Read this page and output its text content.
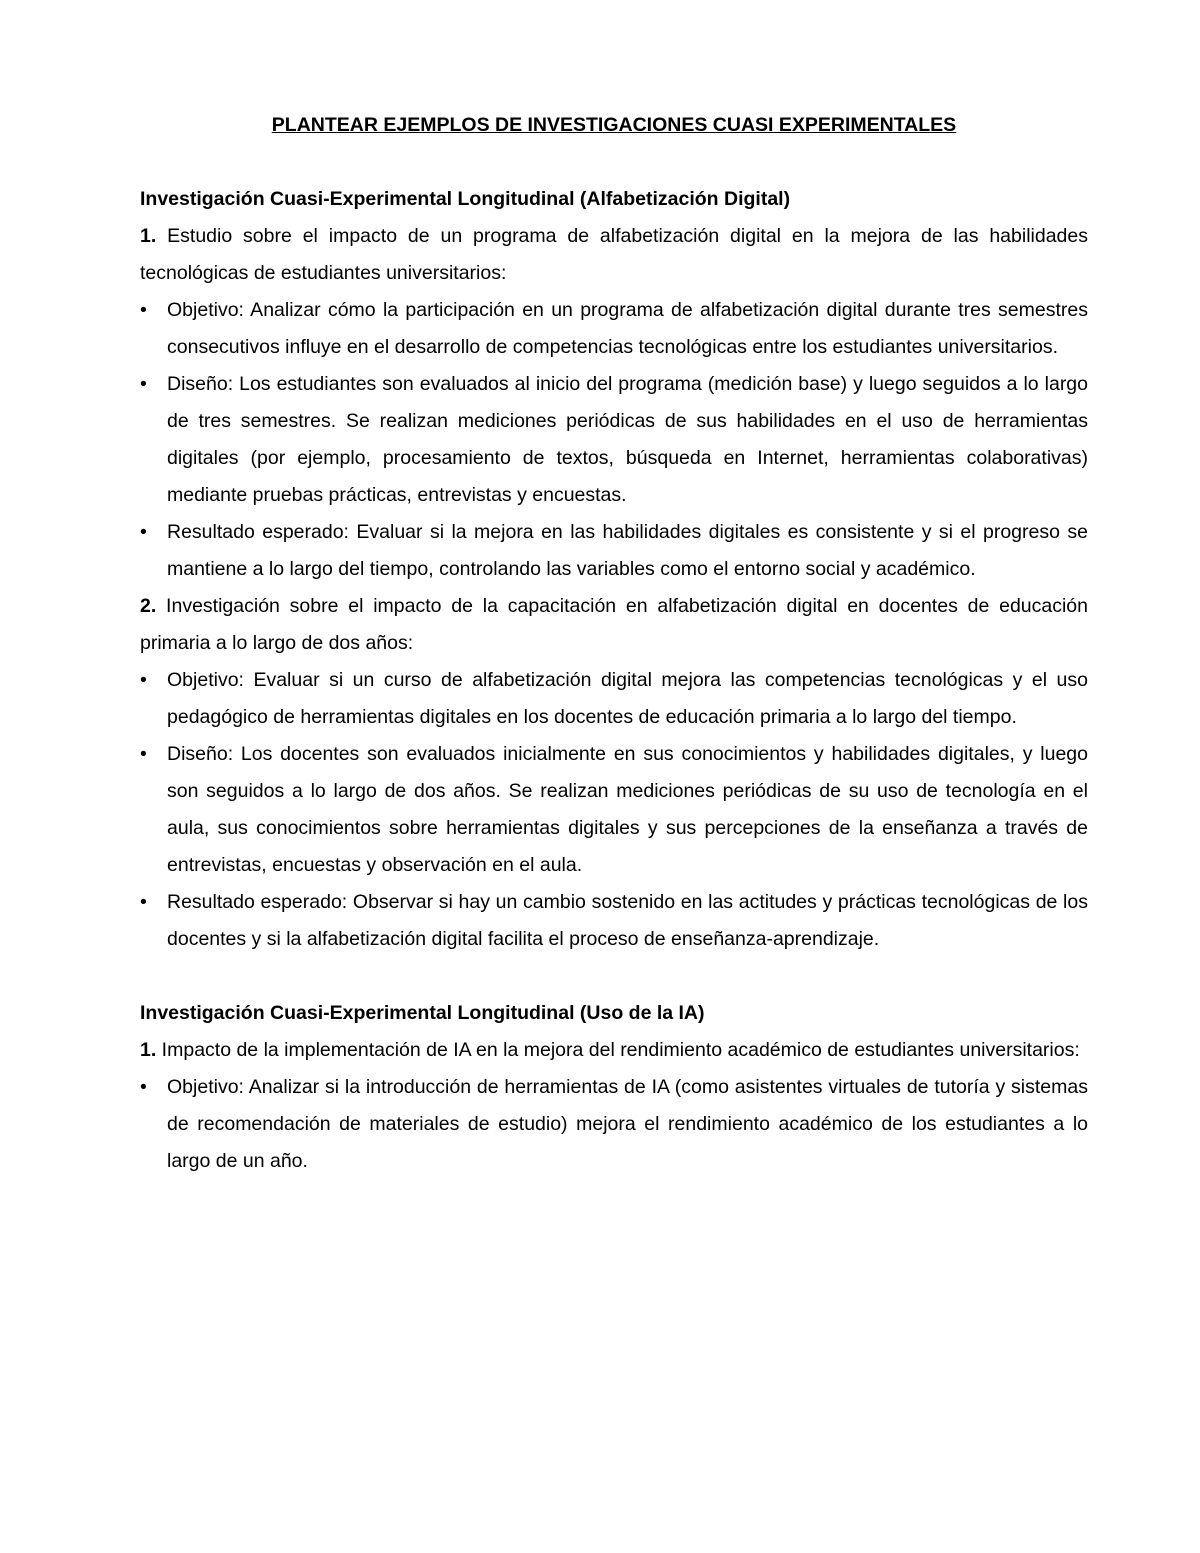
PLANTEAR EJEMPLOS DE INVESTIGACIONES CUASI EXPERIMENTALES

Investigación Cuasi-Experimental Longitudinal (Alfabetización Digital)

1. Estudio sobre el impacto de un programa de alfabetización digital en la mejora de las habilidades tecnológicas de estudiantes universitarios:

•	Objetivo: Analizar cómo la participación en un programa de alfabetización digital durante tres semestres consecutivos influye en el desarrollo de competencias tecnológicas entre los estudiantes universitarios.
•	Diseño: Los estudiantes son evaluados al inicio del programa (medición base) y luego seguidos a lo largo de tres semestres. Se realizan mediciones periódicas de sus habilidades en el uso de herramientas digitales (por ejemplo, procesamiento de textos, búsqueda en Internet, herramientas colaborativas) mediante pruebas prácticas, entrevistas y encuestas.
•	Resultado esperado: Evaluar si la mejora en las habilidades digitales es consistente y si el progreso se mantiene a lo largo del tiempo, controlando las variables como el entorno social y académico.

2. Investigación sobre el impacto de la capacitación en alfabetización digital en docentes de educación primaria a lo largo de dos años:

•	Objetivo: Evaluar si un curso de alfabetización digital mejora las competencias tecnológicas y el uso pedagógico de herramientas digitales en los docentes de educación primaria a lo largo del tiempo.
•	Diseño: Los docentes son evaluados inicialmente en sus conocimientos y habilidades digitales, y luego son seguidos a lo largo de dos años. Se realizan mediciones periódicas de su uso de tecnología en el aula, sus conocimientos sobre herramientas digitales y sus percepciones de la enseñanza a través de entrevistas, encuestas y observación en el aula.
•	Resultado esperado: Observar si hay un cambio sostenido en las actitudes y prácticas tecnológicas de los docentes y si la alfabetización digital facilita el proceso de enseñanza-aprendizaje.

Investigación Cuasi-Experimental Longitudinal (Uso de la IA)

1. Impacto de la implementación de IA en la mejora del rendimiento académico de estudiantes universitarios:

•	Objetivo: Analizar si la introducción de herramientas de IA (como asistentes virtuales de tutoría y sistemas de recomendación de materiales de estudio) mejora el rendimiento académico de los estudiantes a lo largo de un año.
